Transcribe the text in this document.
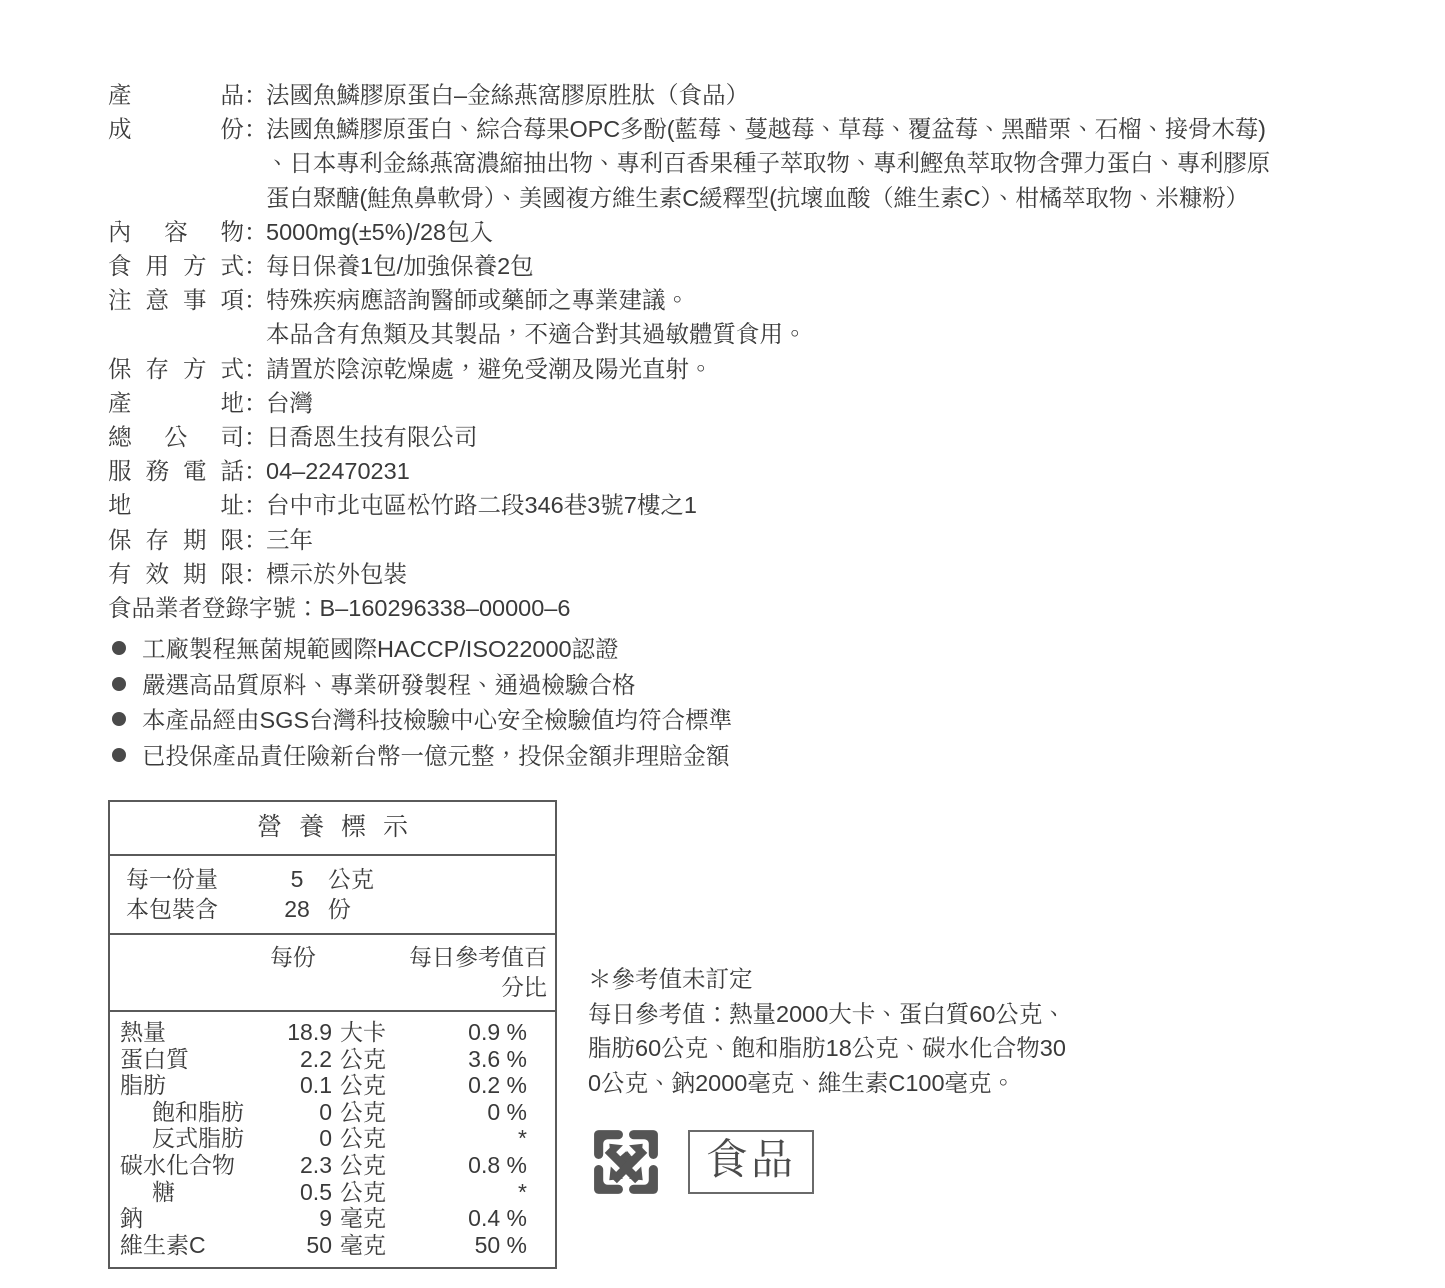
產品 ：
法國魚鱗膠原蛋白–金絲燕窩膠原胜肽（食品）
成份 ：
法國魚鱗膠原蛋白、綜合莓果OPC多酚(藍莓、蔓越莓、草莓、覆盆莓、黑醋栗、石榴、接骨木莓)
、日本專利金絲燕窩濃縮抽出物、專利百香果種子萃取物、專利鰹魚萃取物含彈力蛋白、專利膠原
蛋白聚醣(鮭魚鼻軟骨）、美國複方維生素C緩釋型(抗壞血酸（維生素C）、柑橘萃取物、米糠粉）
內容物 ：
5000mg(±5%)/28包入
食用方式 ：
每日保養1包/加強保養2包
注意事項 ：
特殊疾病應諮詢醫師或藥師之專業建議。
本品含有魚類及其製品，不適合對其過敏體質食用。
保存方式 ：
請置於陰涼乾燥處，避免受潮及陽光直射。
產地 ：
台灣
總公司 ：
日喬恩生技有限公司
服務電話 ：
04–22470231
地址 ：
台中市北屯區松竹路二段346巷3號7樓之1
保存期限 ：
三年
有效期限 ：
標示於外包裝
食品業者登錄字號：B–160296338–00000–6
工廠製程無菌規範國際HACCP/ISO22000認證
嚴選高品質原料、專業研發製程、通過檢驗合格
本產品經由SGS台灣科技檢驗中心安全檢驗值均符合標準
已投保產品責任險新台幣一億元整，投保金額非理賠金額
營養標示
每一份量	5	公克
本包裝含	28 份
每份	每日參考值百分比
熱量	18.9 大卡	0.9 %
蛋白質	2.2 公克	3.6 %
脂肪	0.1 公克	0.2 %
飽和脂肪	0 公克	0 %
反式脂肪	0 公克	*
碳水化合物	2.3 公克	0.8 %
糖	0.5 公克	*
鈉	9 毫克	0.4 %
維生素C	50 毫克	50 %
＊參考值未訂定
每日參考值：熱量2000大卡、蛋白質60公克、
脂肪60公克、飽和脂肪18公克、碳水化合物30
0公克、鈉2000毫克、維生素C100毫克。
食品
